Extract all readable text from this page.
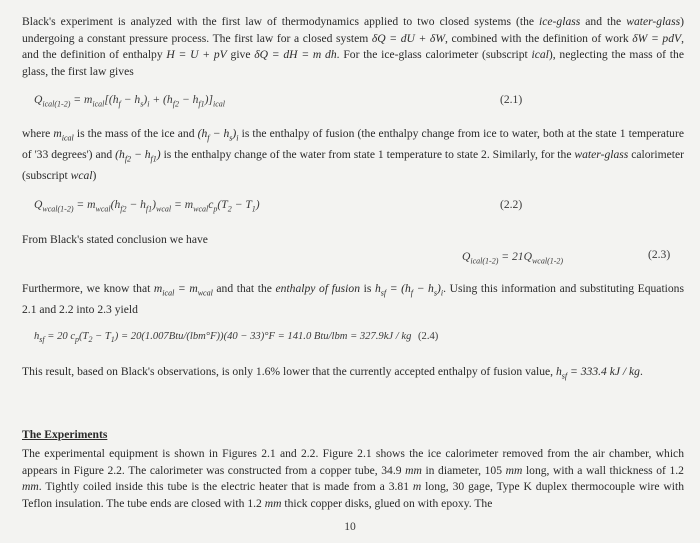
Black's experiment is analyzed with the first law of thermodynamics applied to two closed systems (the ice-glass and the water-glass) undergoing a constant pressure process. The first law for a closed system δQ = dU + δW, combined with the definition of work δW = pdV, and the definition of enthalpy H = U + pV give δQ = dH = m dh. For the ice-glass calorimeter (subscript ical), neglecting the mass of the glass, the first law gives
$Q_{ical(1-2)} = m_{ical}[(h_f - h_s)_i + (h_{f2} - h_{f1})]_{ical}$	(2.1)
where $m_{ical}$ is the mass of the ice and $(h_f - h_s)_i$ is the enthalpy of fusion (the enthalpy change from ice to water, both at the state 1 temperature of '33 degrees') and $(h_{f2} - h_{f1})$ is the enthalpy change of the water from state 1 temperature to state 2. Similarly, for the water-glass calorimeter (subscript wcal)
$Q_{wcal(1-2)} = m_{wcal}(h_{f2} - h_{f1})_{wcal} = m_{wcal}c_p(T_2 - T_1)$	(2.2)
From Black's stated conclusion we have
$Q_{ical(1-2)} = 21Q_{wcal(1-2)}$	(2.3)
Furthermore, we know that $m_{ical} = m_{wcal}$ and that the enthalpy of fusion is $h_{sf} = (h_f - h_s)_i$. Using this information and substituting Equations 2.1 and 2.2 into 2.3 yield
$h_{sf} = 20$ $c_p(T_2 - T_1) = 20(1.007Btu/(lbm^\circ F))(40 - 33)^\circ F = 141.0$ Btu/lbm = 327.9kJ / kg (2.4)
This result, based on Black's observations, is only 1.6% lower that the currently accepted enthalpy of fusion value, $h_{sf} = 333.4$ kJ / kg.
The Experiments
The experimental equipment is shown in Figures 2.1 and 2.2. Figure 2.1 shows the ice calorimeter removed from the air chamber, which appears in Figure 2.2. The calorimeter was constructed from a copper tube, 34.9 mm in diameter, 105 mm long, with a wall thickness of 1.2 mm. Tightly coiled inside this tube is the electric heater that is made from a 3.81 m long, 30 gage, Type K duplex thermocouple wire with Teflon insulation. The tube ends are closed with 1.2 mm thick copper disks, glued on with epoxy. The
10
